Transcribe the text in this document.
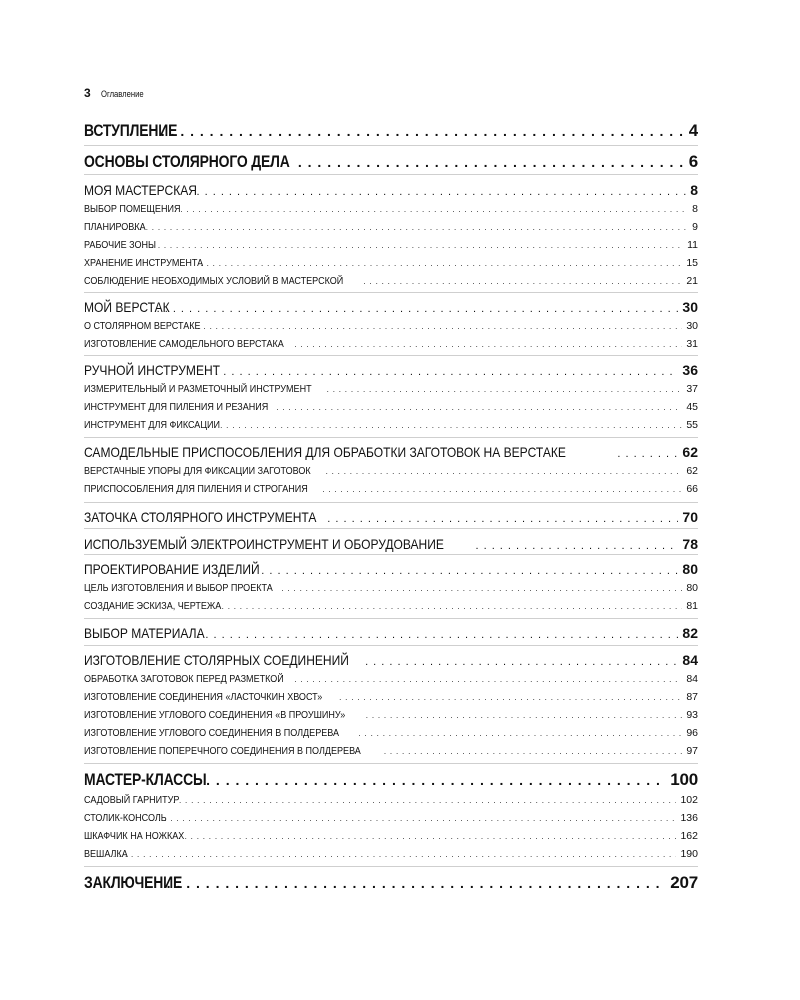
3 Оглавление
ВСТУПЛЕНИЕ . . .	4
ОСНОВЫ СТОЛЯРНОГО ДЕЛА . . .	6
МОЯ МАСТЕРСКАЯ . . .	8
ВЫБОР ПОМЕЩЕНИЯ . . .	8
ПЛАНИРОВКА . . .	9
РАБОЧИЕ ЗОНЫ . . .	11
ХРАНЕНИЕ ИНСТРУМЕНТА . . .	15
СОБЛЮДЕНИЕ НЕОБХОДИМЫХ УСЛОВИЙ В МАСТЕРСКОЙ . . .	21
МОЙ ВЕРСТАК . . .	30
О СТОЛЯРНОМ ВЕРСТАКЕ . . .	30
ИЗГОТОВЛЕНИЕ САМОДЕЛЬНОГО ВЕРСТАКА . . .	31
РУЧНОЙ ИНСТРУМЕНТ . . .	36
ИЗМЕРИТЕЛЬНЫЙ И РАЗМЕТОЧНЫЙ ИНСТРУМЕНТ . . .	37
ИНСТРУМЕНТ ДЛЯ ПИЛЕНИЯ И РЕЗАНИЯ . . .	45
ИНСТРУМЕНТ ДЛЯ ФИКСАЦИИ . . .	55
САМОДЕЛЬНЫЕ ПРИСПОСОБЛЕНИЯ ДЛЯ ОБРАБОТКИ ЗАГОТОВОК НА ВЕРСТАКЕ . . .	62
ВЕРСТАЧНЫЕ УПОРЫ ДЛЯ ФИКСАЦИИ ЗАГОТОВОК . . .	62
ПРИСПОСОБЛЕНИЯ ДЛЯ ПИЛЕНИЯ И СТРОГАНИЯ . . .	66
ЗАТОЧКА СТОЛЯРНОГО ИНСТРУМЕНТА . . .	70
ИСПОЛЬЗУЕМЫЙ ЭЛЕКТРОИНСТРУМЕНТ И ОБОРУДОВАНИЕ . . .	78
ПРОЕКТИРОВАНИЕ ИЗДЕЛИЙ . . .	80
ЦЕЛЬ ИЗГОТОВЛЕНИЯ И ВЫБОР ПРОЕКТА . . .	80
СОЗДАНИЕ ЭСКИЗА, ЧЕРТЕЖА . . .	81
ВЫБОР МАТЕРИАЛА . . .	82
ИЗГОТОВЛЕНИЕ СТОЛЯРНЫХ СОЕДИНЕНИЙ . . .	84
ОБРАБОТКА ЗАГОТОВОК ПЕРЕД РАЗМЕТКОЙ . . .	84
ИЗГОТОВЛЕНИЕ СОЕДИНЕНИЯ «ЛАСТОЧКИН ХВОСТ» . . .	87
ИЗГОТОВЛЕНИЕ УГЛОВОГО СОЕДИНЕНИЯ «В ПРОУШИНУ» . . .	93
ИЗГОТОВЛЕНИЕ УГЛОВОГО СОЕДИНЕНИЯ В ПОЛДЕРЕВА . . .	96
ИЗГОТОВЛЕНИЕ ПОПЕРЕЧНОГО СОЕДИНЕНИЯ В ПОЛДЕРЕВА . . .	97
МАСТЕР-КЛАССЫ . . .	100
САДОВЫЙ ГАРНИТУР . . .	102
СТОЛИК-КОНСОЛЬ . . .	136
ШКАФЧИК НА НОЖКАХ . . .	162
ВЕШАЛКА . . .	190
ЗАКЛЮЧЕНИЕ . . .	207
